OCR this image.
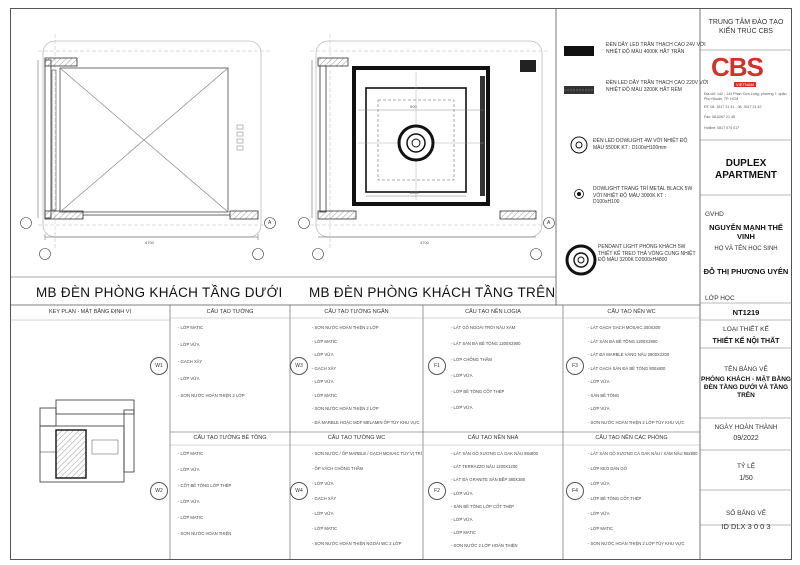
MB ĐÈN PHÒNG KHÁCH TẦNG DƯỚI MB ĐÈN PHÒNG KHÁCH TẦNG TRÊN
4700	4700
2500
900
A	A
ĐÈN DÂY LED TRẦN THẠCH CAO 24V VỚI NHIỆT ĐỘ MÀU 4000K HẮT TRẦN
ĐÈN LED DÂY TRẦN THẠCH CAO 220V VỚI NHIỆT ĐỘ MÀU 3200K HẮT RÈM
ĐÈN LED DOWLIGHT 4W VỚI NHIỆT ĐỘ MÀU 5500K KT : D100xH100mm
DOWLIGHT TRANG TRÍ METAL BLACK 5W VỚI NHIỆT ĐỘ MÀU 3000K KT : D100xH100
PENDANT LIGHT PHÒNG KHÁCH 5W THIẾT KẾ TREO THẢ VÒNG CUNG NHIỆT ĐỘ MÀU 3200K D2000xH4800
TRUNG TÂM ĐÀO TẠO KIẾN TRÚC CBS
CBS
VIETNAM
Địa chỉ: 142 - 144 Phan Xích Long, phường 7, quận Phú Nhuận, TP. HCM
ĐT: 08. 3517 21 41 - 08. 3517 21 42
Fax: 08.6267 21 46
Hotline: 0817 074 017
DUPLEX APARTMENT
GVHD
NGUYỄN MẠNH THẾ VINH
HỌ VÀ TÊN HỌC SINH
ĐỖ THỊ PHƯƠNG UYÊN
LỚP HỌC
NT1219
LOẠI THIẾT KẾ
THIẾT KẾ NỘI THẤT
TÊN BẢNG VẼ
PHÒNG KHÁCH - MẶT BẰNG ĐÈN TẦNG DƯỚI VÀ TẦNG TRÊN
NGÀY HOÀN THÀNH
09/2022
TỶ LỆ
1/50
SỐ BẢNG VẼ
ID DLX 3 0 0 3
KEY PLAN - MẶT BẰNG ĐỊNH VỊ	CẤU TẠO TƯỜNG
W1
- LỚP MATIC
- LỚP VỮA
- GẠCH XÂY
- LỚP VỮA
- SƠN NƯỚC HOÀN THIỆN 2 LỚP
CẤU TẠO TƯỜNG NGĂN
W3
- SƠN NƯỚC HOÀN THIỆN 2 LỚP
- LỚP MATIC
- LỚP VỮA
- GẠCH XÂY
- LỚP VỮA
- LỚP MATIC
- SƠN NƯỚC HOÀN THIỆN 2 LỚP
- ĐÁ MARBLE HOẶC MDF MELAMIN ỐP TÙY KHU VỰC
CẤU TẠO NỀN LOGIA
F1
- LÁT GỖ NGOÀI TRỜI NÂU XÁM
- LÁT SÀN ĐÁ BÊ TÔNG 1200X2900
- LỚP CHỐNG THẤM
- LỚP VỮA
- LỚP BÊ TÔNG CỐT THÉP
- LỚP VỮA
CẤU TẠO NỀN WC
F3
- LÁT GẠCH GẠCH MOSAIC 300X300
- LÁT SÀN ĐÁ BÊ TÔNG 1200X2900
- LÁT ĐÁ MARBLE VÀNG NÂU 2800X2200
- LÁT GẠCH SÀN ĐÁ BÊ TÔNG 800x800
- LỚP VỮA
- SÀN BÊ TÔNG
- LỚP VỮA
- SƠN NƯỚC HOÀN THIỆN 2 LỚP TÙY KHU VỰC
CẤU TẠO TƯỜNG BÊ TÔNG
W2
- LỚP MATIC
- LỚP VỮA
- CỐT BÊ TÔNG LỚP THÉP
- LỚP VỮA
- LỚP MATIC
- SƠN NƯỚC HOÀN THIỆN
CẤU TẠO TƯỜNG WC
W4
- SƠN NƯỚC / ỐP MARBLE / GẠCH MOSAIC TÙY VỊ TRÍ
- ỐP VÁCH CHỐNG THẤM
- LỚP VỮA
- GẠCH XÂY
- LỚP VỮA
- LỚP MATIC
- SƠN NƯỚC HOÀN THIỆN NGOÀI WC 2 LỚP
CẤU TẠO NỀN NHÀ
F2
- LÁT SÀN GỖ XƯƠNG CÁ OAK NÂU 98x800
- LÁT TERRAZZO NÂU 1200X1200
- LÁT ĐÁ GRANITE SÀN BẾP 380X380
- LỚP VỮA
- SÀN BÊ TÔNG LỚP CỐT THÉP
- LỚP VỮA
- LỚP MATIC
- SƠN NƯỚC 2 LỚP HOÀN THIỆN
CẤU TẠO NỀN CÁC PHÒNG
F4
- LÁT SÀN GỖ XƯƠNG CÁ OAK NÂU / XÁM NÂU 98x800
- LỚP KEO DÁN GỖ
- LỚP VỮA
- LỚP BÊ TÔNG CỐT THÉP
- LỚP VỮA
- LỚP MATIC
- SƠN NƯỚC HOÀN THIỆN 2 LỚP TÙY KHU VỰC
